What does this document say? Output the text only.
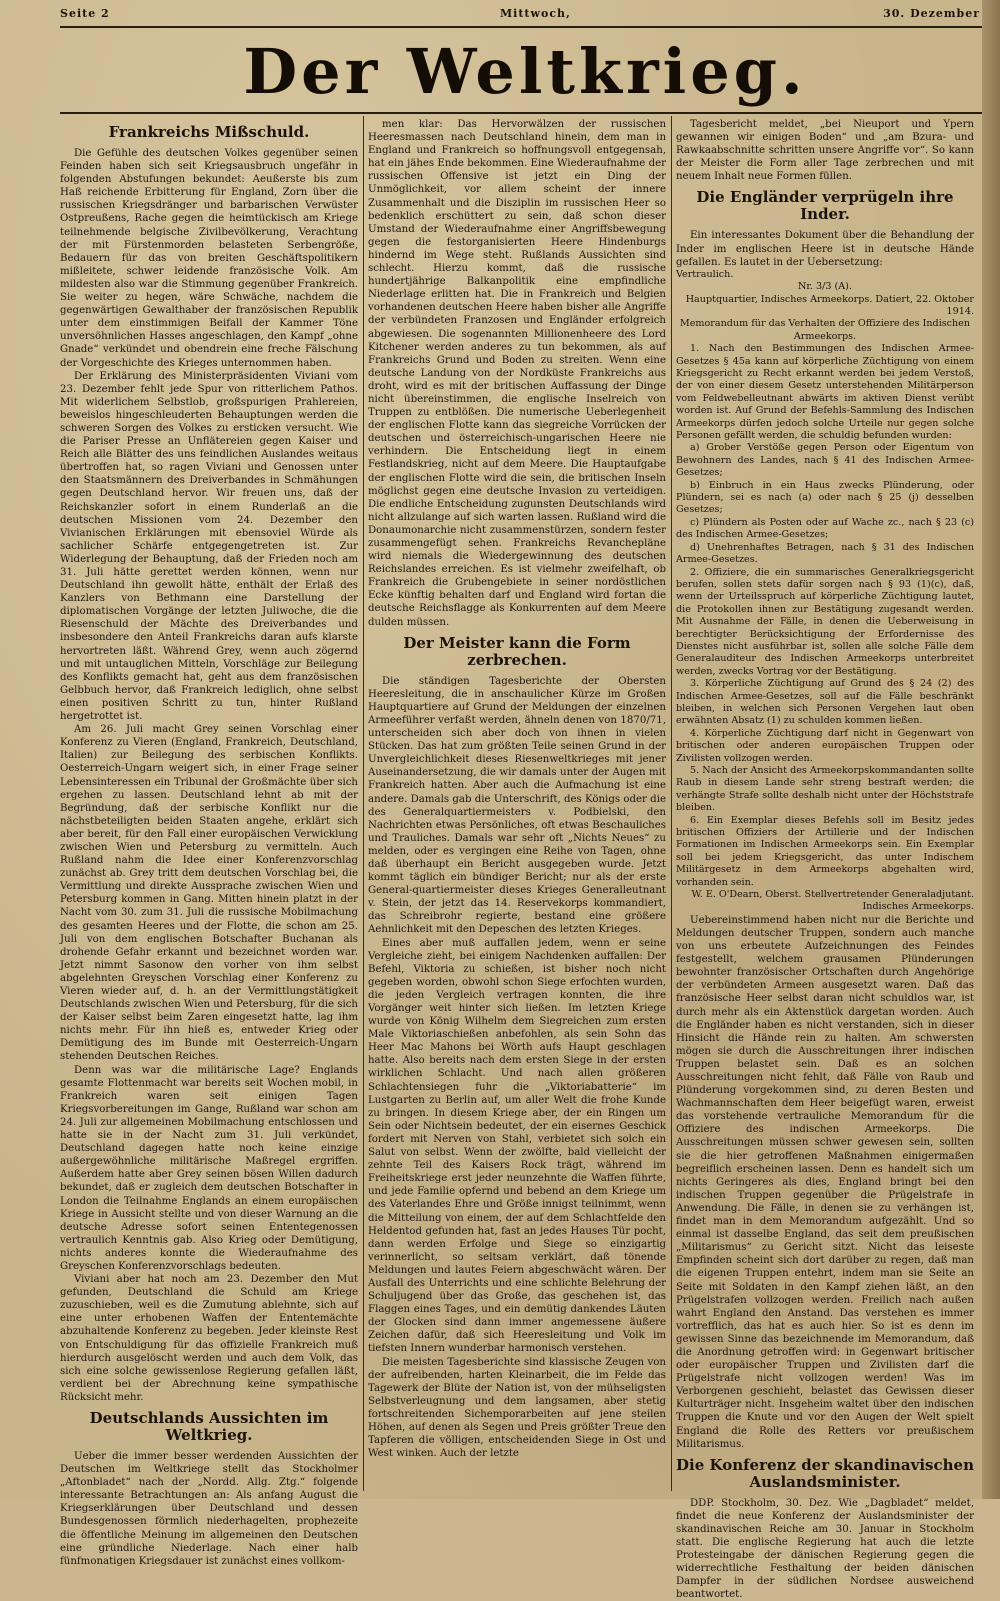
Seite 2	Mittwoch,	30. Dezember
Der Weltkrieg.
Frankreichs Mißschuld.

Die Gefühle des deutschen Volkes gegenüber seinen Feinden haben sich seit Kriegsausbruch ungefähr in folgenden Abstufungen bekundet: Aeußerste bis zum Haß reichende Erbitterung für England, Zorn über die russischen Kriegsdränger und barbarischen Verwüster Ostpreußens, Rache gegen die heimtückisch am Kriege teilnehmende belgische Zivilbevölkerung, Verachtung der mit Fürstenmorden belasteten Serbengröße, Bedauern für das von breiten Geschäftspolitikern mißleitete, schwer leidende französische Volk. Am mildesten also war die Stimmung gegenüber Frankreich. Sie weiter zu hegen, wäre Schwäche, nachdem die gegenwärtigen Gewalthaber der französischen Republik unter dem einstimmigen Beifall der Kammer Töne unversöhnlichen Hasses angeschlagen, den Kampf „ohne Gnade“ verkündet und obendrein eine freche Fälschung der Vorgeschichte des Krieges unternommen haben.

Der Erklärung des Ministerpräsidenten Viviani vom 23. Dezember fehlt jede Spur von ritterlichem Pathos. Mit widerlichem Selbstlob, großspurigen Prahlereien, beweislos hingeschleuderten Behauptungen werden die schweren Sorgen des Volkes zu ersticken versucht. Wie die Pariser Presse an Unflätereien gegen Kaiser und Reich alle Blätter des uns feindlichen Auslandes weitaus übertroffen hat, so ragen Viviani und Genossen unter den Staatsmännern des Dreiverbandes in Schmähungen gegen Deutschland hervor. Wir freuen uns, daß der Reichskanzler sofort in einem Runderlaß an die deutschen Missionen vom 24. Dezember den Vivianischen Erklärungen mit ebensoviel Würde als sachlicher Schärfe entgegengetreten ist. Zur Widerlegung der Behauptung, daß der Frieden noch am 31. Juli hätte gerettet werden können, wenn nur Deutschland ihn gewollt hätte, enthält der Erlaß des Kanzlers von Bethmann eine Darstellung der diplomatischen Vorgänge der letzten Juliwoche, die die Riesenschuld der Mächte des Dreiverbandes und insbesondere den Anteil Frankreichs daran aufs klarste hervortreten läßt. Während Grey, wenn auch zögernd und mit untauglichen Mitteln, Vorschläge zur Beilegung des Konflikts gemacht hat, geht aus dem französischen Gelbbuch hervor, daß Frankreich lediglich, ohne selbst einen positiven Schritt zu tun, hinter Rußland hergetrottet ist.

Am 26. Juli macht Grey seinen Vorschlag einer Konferenz zu Vieren (England, Frankreich, Deutschland, Italien) zur Beilegung des serbischen Konflikts. Oesterreich-Ungarn weigert sich, in einer Frage seiner Lebensinteressen ein Tribunal der Großmächte über sich ergehen zu lassen. Deutschland lehnt ab mit der Begründung, daß der serbische Konflikt nur die nächstbeteiligten beiden Staaten angehe, erklärt sich aber bereit, für den Fall einer europäischen Verwicklung zwischen Wien und Petersburg zu vermitteln. Auch Rußland nahm die Idee einer Konferenzvorschlag zunächst ab. Grey tritt dem deutschen Vorschlag bei, die Vermittlung und direkte Aussprache zwischen Wien und Petersburg kommen in Gang. Mitten hinein platzt in der Nacht vom 30. zum 31. Juli die russische Mobilmachung des gesamten Heeres und der Flotte, die schon am 25. Juli von dem englischen Botschafter Buchanan als drohende Gefahr erkannt und bezeichnet worden war. Jetzt nimmt Sasonow den vorher von ihm selbst abgelehnten Greyschen Vorschlag einer Konferenz zu Vieren wieder auf, d. h. an der Vermittlungstätigkeit Deutschlands zwischen Wien und Petersburg, für die sich der Kaiser selbst beim Zaren eingesetzt hatte, lag ihm nichts mehr. Für ihn hieß es, entweder Krieg oder Demütigung des im Bunde mit Oesterreich-Ungarn stehenden Deutschen Reiches.

Denn was war die militärische Lage? Englands gesamte Flottenmacht war bereits seit Wochen mobil, in Frankreich waren seit einigen Tagen Kriegsvorbereitungen im Gange, Rußland war schon am 24. Juli zur allgemeinen Mobilmachung entschlossen und hatte sie in der Nacht zum 31. Juli verkündet, Deutschland dagegen hatte noch keine einzige außergewöhnliche militärische Maßregel ergriffen. Außerdem hatte aber Grey seinen bösen Willen dadurch bekundet, daß er zugleich dem deutschen Botschafter in London die Teilnahme Englands an einem europäischen Kriege in Aussicht stellte und von dieser Warnung an die deutsche Adresse sofort seinen Ententegenossen vertraulich Kenntnis gab. Also Krieg oder Demütigung, nichts anderes konnte die Wiederaufnahme des Greyschen Konferenzvorschlags bedeuten.

Viviani aber hat noch am 23. Dezember den Mut gefunden, Deutschland die Schuld am Kriege zuzuschieben, weil es die Zumutung ablehnte, sich auf eine unter erhobenen Waffen der Ententemächte abzuhaltende Konferenz zu begeben. Jeder kleinste Rest von Entschuldigung für das offizielle Frankreich muß hierdurch ausgelöscht werden und auch dem Volk, das sich eine solche gewissenlose Regierung gefallen läßt, verdient bei der Abrechnung keine sympathische Rücksicht mehr.

Deutschlands Aussichten im Weltkrieg.

Ueber die immer besser werdenden Aussichten der Deutschen im Weltkriege stellt das Stockholmer „Aftonbladet“ nach der „Nordd. Allg. Ztg.“ folgende interessante Betrachtungen an: Als anfang August die Kriegserklärungen über Deutschland und dessen Bundesgenossen förmlich niederhagelten, prophezeite die öffentliche Meinung im allgemeinen den Deutschen eine gründliche Niederlage. Nach einer halb fünfmonatigen Kriegsdauer ist zunächst eines vollkom-

men klar: Das Hervorwälzen der russischen Heeresmassen nach Deutschland hinein, dem man in England und Frankreich so hoffnungsvoll entgegensah, hat ein jähes Ende bekommen. Eine Wiederaufnahme der russischen Offensive ist jetzt ein Ding der Unmöglichkeit, vor allem scheint der innere Zusammenhalt und die Disziplin im russischen Heer so bedenklich erschüttert zu sein, daß schon dieser Umstand der Wiederaufnahme einer Angriffsbewegung gegen die festorganisierten Heere Hindenburgs hindernd im Wege steht. Rußlands Aussichten sind schlecht. Hierzu kommt, daß die russische hundertjährige Balkanpolitik eine empfindliche Niederlage erlitten hat. Die in Frankreich und Belgien vorhandenen deutschen Heere haben bisher alle Angriffe der verbündeten Franzosen und Engländer erfolgreich abgewiesen. Die sogenannten Millionenheere des Lord Kitchener werden anderes zu tun bekommen, als auf Frankreichs Grund und Boden zu streiten. Wenn eine deutsche Landung von der Nordküste Frankreichs aus droht, wird es mit der britischen Auffassung der Dinge nicht übereinstimmen, die englische Inselreich von Truppen zu entblößen. Die numerische Ueberlegenheit der englischen Flotte kann das siegreiche Vorrücken der deutschen und österreichisch-ungarischen Heere nie verhindern. Die Entscheidung liegt in einem Festlandskrieg, nicht auf dem Meere. Die Hauptaufgabe der englischen Flotte wird die sein, die britischen Inseln möglichst gegen eine deutsche Invasion zu verteidigen. Die endliche Entscheidung zugunsten Deutschlands wird nicht allzulange auf sich warten lassen. Rußland wird die Donaumonarchie nicht zusammenstürzen, sondern fester zusammengefügt sehen. Frankreichs Revanchepläne wird niemals die Wiedergewinnung des deutschen Reichslandes erreichen. Es ist vielmehr zweifelhaft, ob Frankreich die Grubengebiete in seiner nordöstlichen Ecke künftig behalten darf und England wird fortan die deutsche Reichsflagge als Konkurrenten auf dem Meere dulden müssen.

Der Meister kann die Form zerbrechen.

Die ständigen Tagesberichte der Obersten Heeresleitung, die in anschaulicher Kürze im Großen Hauptquartiere auf Grund der Meldungen der einzelnen Armeeführer verfaßt werden, ähneln denen von 1870/71, unterscheiden sich aber doch von ihnen in vielen Stücken. Das hat zum größten Teile seinen Grund in der Unvergleichlichkeit dieses Riesenweltkrieges mit jener Auseinandersetzung, die wir damals unter der Augen mit Frankreich hatten. Aber auch die Aufmachung ist eine andere. Damals gab die Unterschrift, des Königs oder die des Generalquartiermeisters v. Podbielski, den Nachrichten etwas Persönliches, oft etwas Beschauliches und Trauliches. Damals war sehr oft „Nichts Neues“ zu melden, oder es vergingen eine Reihe von Tagen, ohne daß überhaupt ein Bericht ausgegeben wurde. Jetzt kommt täglich ein bündiger Bericht; nur als der erste General-quartiermeister dieses Krieges Generalleutnant v. Stein, der jetzt das 14. Reservekorps kommandiert, das Schreibrohr regierte, bestand eine größere Aehnlichkeit mit den Depeschen des letzten Krieges.

Eines aber muß auffallen jedem, wenn er seine Vergleiche zieht, bei einigem Nachdenken auffallen: Der Befehl, Viktoria zu schießen, ist bisher noch nicht gegeben worden, obwohl schon Siege erfochten wurden, die jeden Vergleich vertragen konnten, die ihre Vorgänger weit hinter sich ließen. Im letzten Kriege wurde von König Wilhelm dem Siegreichen zum ersten Male Viktoriaschießen anbefohlen, als sein Sohn das Heer Mac Mahons bei Wörth aufs Haupt geschlagen hatte. Also bereits nach dem ersten Siege in der ersten wirklichen Schlacht. Und nach allen größeren Schlachtensiegen fuhr die „Viktoriabatterie“ im Lustgarten zu Berlin auf, um aller Welt die frohe Kunde zu bringen. In diesem Kriege aber, der ein Ringen um Sein oder Nichtsein bedeutet, der ein eisernes Geschick fordert mit Nerven von Stahl, verbietet sich solch ein Salut von selbst. Wenn der zwölfte, bald vielleicht der zehnte Teil des Kaisers Rock trägt, während im Freiheitskriege erst jeder neunzehnte die Waffen führte, und jede Familie opfernd und bebend an dem Kriege um des Vaterlandes Ehre und Größe innigst teilnimmt, wenn die Mitteilung von einem, der auf dem Schlachtfelde den Heldentod gefunden hat, fast an jedes Hauses Tür pocht, dann werden Erfolge und Siege so einzigartig verinnerlicht, so seltsam verklärt, daß tönende Meldungen und lautes Feiern abgeschwächt wären. Der Ausfall des Unterrichts und eine schlichte Belehrung der Schuljugend über das Große, das geschehen ist, das Flaggen eines Tages, und ein demütig dankendes Läuten der Glocken sind dann immer angemessene äußere Zeichen dafür, daß sich Heeresleitung und Volk im tiefsten Innern wunderbar harmonisch verstehen.

Die meisten Tagesberichte sind klassische Zeugen von der aufreibenden, harten Kleinarbeit, die im Felde das Tagewerk der Blüte der Nation ist, von der mühseligsten Selbstverleugnung und dem langsamen, aber stetig fortschreitenden Sichemporarbeiten auf jene steilen Höhen, auf denen als Segen und Preis größter Treue den Tapferen die völligen, entscheidenden Siege in Ost und West winken. Auch der letzte

Tagesbericht meldet, „bei Nieuport und Ypern gewannen wir einigen Boden“ und „am Bzura- und Rawkaabschnitte schritten unsere Angriffe vor“. So kann der Meister die Form aller Tage zerbrechen und mit neuem Inhalt neue Formen füllen.

Die Engländer verprügeln ihre Inder.

Ein interessantes Dokument über die Behandlung der Inder im englischen Heere ist in deutsche Hände gefallen. Es lautet in der Uebersetzung:

Vertraulich.

Nr. 3/3 (A).

Hauptquartier, Indisches Armeekorps. Datiert, 22. Oktober 1914.

Memorandum für das Verhalten der Offiziere des Indischen Armeekorps.

1. Nach den Bestimmungen des Indischen Armee-Gesetzes § 45a kann auf körperliche Züchtigung von einem Kriegsgericht zu Recht erkannt werden bei jedem Verstoß, der von einer diesem Gesetz unterstehenden Militärperson vom Feldwebelleutnant abwärts im aktiven Dienst verübt worden ist. Auf Grund der Befehls-Sammlung des Indischen Armeekorps dürfen jedoch solche Urteile nur gegen solche Personen gefällt werden, die schuldig befunden wurden:

a) Grober Verstöße gegen Person oder Eigentum von Bewohnern des Landes, nach § 41 des Indischen Armee-Gesetzes;

b) Einbruch in ein Haus zwecks Plünderung, oder Plündern, sei es nach (a) oder nach § 25 (j) desselben Gesetzes;

c) Plündern als Posten oder auf Wache zc., nach § 23 (c) des Indischen Armee-Gesetzes;

d) Unehrenhaftes Betragen, nach § 31 des Indischen Armee-Gesetzes.

2. Offiziere, die ein summarisches Generalkriegsgericht berufen, sollen stets dafür sorgen nach § 93 (1)(c), daß, wenn der Urteilsspruch auf körperliche Züchtigung lautet, die Protokollen ihnen zur Bestätigung zugesandt werden. Mit Ausnahme der Fälle, in denen die Ueberweisung in berechtigter Berücksichtigung der Erfordernisse des Dienstes nicht ausführbar ist, sollen alle solche Fälle dem Generalauditeur des Indischen Armeekorps unterbreitet werden, zwecks Vortrag vor der Bestätigung.

3. Körperliche Züchtigung auf Grund des § 24 (2) des Indischen Armee-Gesetzes, soll auf die Fälle beschränkt bleiben, in welchen sich Personen Vergehen laut oben erwähnten Absatz (1) zu schulden kommen ließen.

4. Körperliche Züchtigung darf nicht in Gegenwart von britischen oder anderen europäischen Truppen oder Zivilisten vollzogen werden.

5. Nach der Ansicht des Armeekorpskommandanten sollte Raub in diesem Lande sehr streng bestraft werden; die verhängte Strafe sollte deshalb nicht unter der Höchststrafe bleiben.

6. Ein Exemplar dieses Befehls soll im Besitz jedes britischen Offiziers der Artillerie und der Indischen Formationen im Indischen Armeekorps sein. Ein Exemplar soll bei jedem Kriegsgericht, das unter Indischem Militärgesetz in dem Armeekorps abgehalten wird, vorhanden sein.

W. E. O'Dearn, Oberst. Stellvertretender Generaladjutant. Indisches Armeekorps.

Uebereinstimmend haben nicht nur die Berichte und Meldungen deutscher Truppen, sondern auch manche von uns erbeutete Aufzeichnungen des Feindes festgestellt, welchem grausamen Plünderungen bewohnter französischer Ortschaften durch Angehörige der verbündeten Armeen ausgesetzt waren. Daß das französische Heer selbst daran nicht schuldlos war, ist durch mehr als ein Aktenstück dargetan worden. Auch die Engländer haben es nicht verstanden, sich in dieser Hinsicht die Hände rein zu halten. Am schwersten mögen sie durch die Ausschreitungen ihrer indischen Truppen belastet sein. Daß es an solchen Ausschreitungen nicht fehlt, daß Fälle von Raub und Plünderung vorgekommen sind, zu deren Besten und Wachmannschaften dem Heer beigefügt waren, erweist das vorstehende vertrauliche Memorandum für die Offiziere des indischen Armeekorps. Die Ausschreitungen müssen schwer gewesen sein, sollten sie die hier getroffenen Maßnahmen einigermaßen begreiflich erscheinen lassen. Denn es handelt sich um nichts Geringeres als dies, England bringt bei den indischen Truppen gegenüber die Prügelstrafe in Anwendung. Die Fälle, in denen sie zu verhängen ist, findet man in dem Memorandum aufgezählt. Und so einmal ist dasselbe England, das seit dem preußischen „Militarismus“ zu Gericht sitzt. Nicht das leiseste Empfinden scheint sich dort darüber zu regen, daß man die eigenen Truppen entehrt, indem man sie Seite an Seite mit Soldaten in den Kampf ziehen läßt, an den Prügelstrafen vollzogen werden. Freilich nach außen wahrt England den Anstand. Das verstehen es immer vortrefflich, das hat es auch hier. So ist es denn im gewissen Sinne das bezeichnende im Memorandum, daß die Anordnung getroffen wird: in Gegenwart britischer oder europäischer Truppen und Zivilisten darf die Prügelstrafe nicht vollzogen werden! Was im Verborgenen geschieht, belastet das Gewissen dieser Kulturträger nicht. Insgeheim waltet über den indischen Truppen die Knute und vor den Augen der Welt spielt England die Rolle des Retters vor preußischem Militarismus.

Die Konferenz der skandinavischen Auslandsminister.

DDP. Stockholm, 30. Dez. Wie „Dagbladet“ meldet, findet die neue Konferenz der Auslandsminister der skandinavischen Reiche am 30. Januar in Stockholm statt. Die englische Regierung hat auch die letzte Protesteingabe der dänischen Regierung gegen die widerrechtliche Festhaltung der beiden dänischen Dampfer in der südlichen Nordsee ausweichend beantwortet.
